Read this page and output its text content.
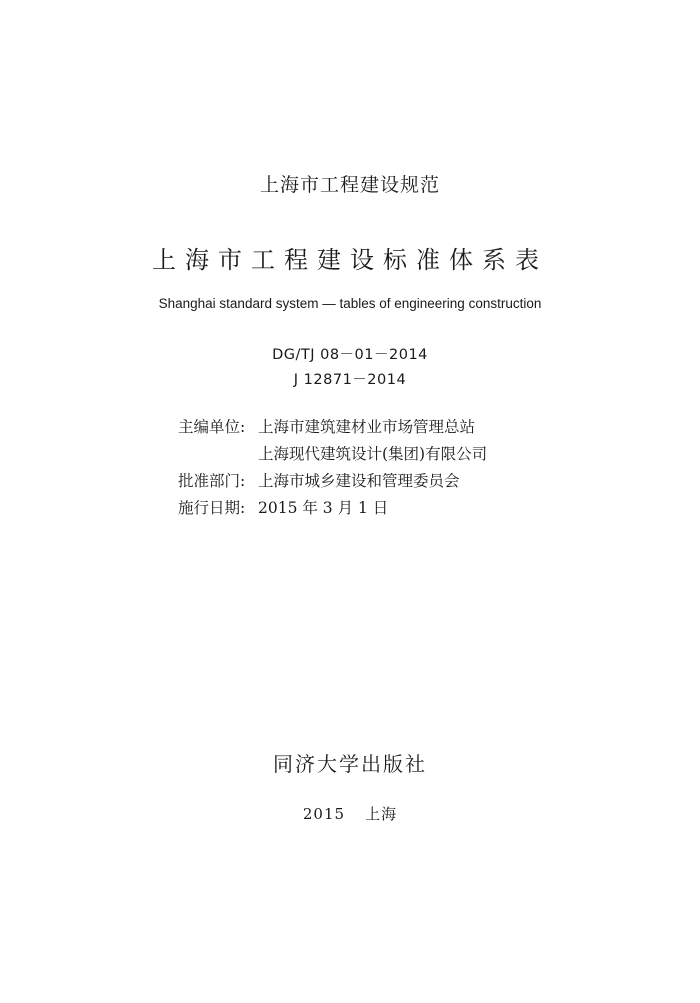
上海市工程建设规范
上海市工程建设标准体系表
Shanghai standard system — tables of engineering construction
DG/TJ 08－01－2014
J 12871－2014
主编单位: 上海市建筑建材业市场管理总站
上海现代建筑设计(集团)有限公司
批准部门: 上海市城乡建设和管理委员会
施行日期: 2015 年 3 月 1 日
同济大学出版社
2015 上海
